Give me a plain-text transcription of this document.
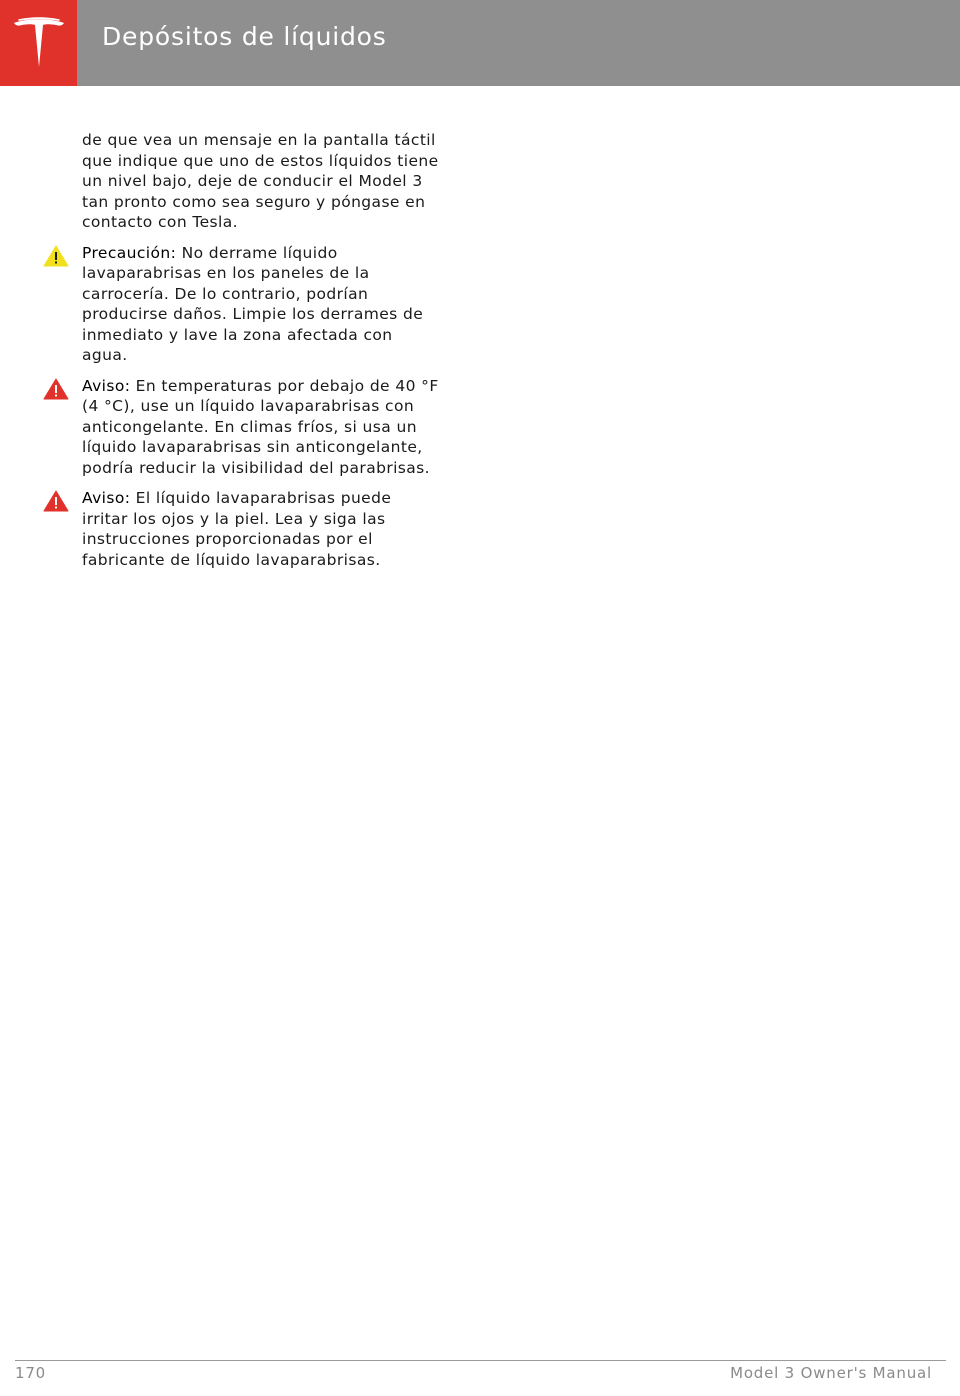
Depósitos de líquidos

de que vea un mensaje en la pantalla táctil que indique que uno de estos líquidos tiene un nivel bajo, deje de conducir el Model 3 tan pronto como sea seguro y póngase en contacto con Tesla.

Precaución: No derrame líquido lavaparabrisas en los paneles de la carrocería. De lo contrario, podrían producirse daños. Limpie los derrames de inmediato y lave la zona afectada con agua.
Aviso: En temperaturas por debajo de 40 °F (4 °C), use un líquido lavaparabrisas con anticongelante. En climas fríos, si usa un líquido lavaparabrisas sin anticongelante, podría reducir la visibilidad del parabrisas.
Aviso: El líquido lavaparabrisas puede irritar los ojos y la piel. Lea y siga las instrucciones proporcionadas por el fabricante de líquido lavaparabrisas.
170	Model 3 Owner's Manual
